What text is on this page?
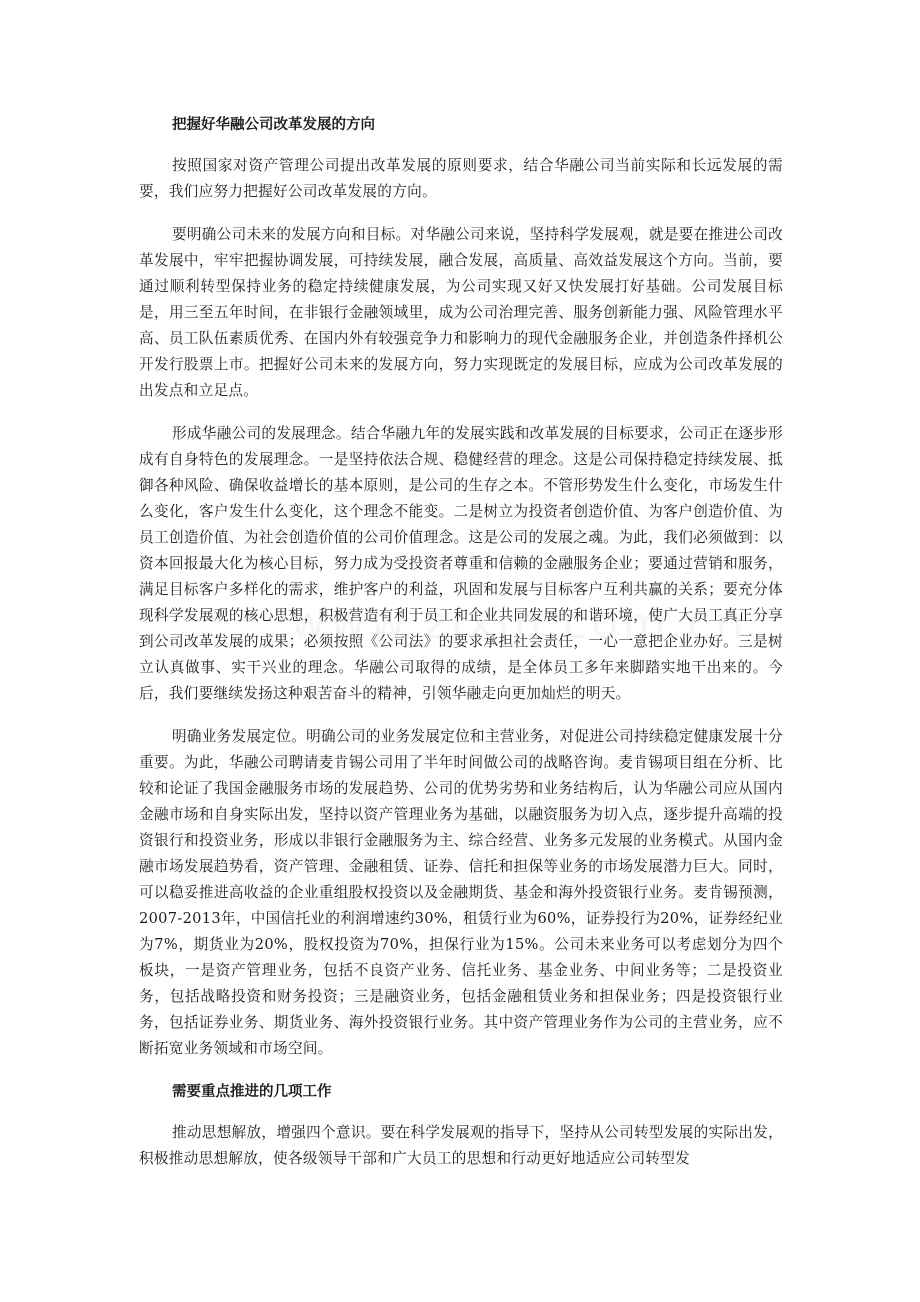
把握好华融公司改革发展的方向

按照国家对资产管理公司提出改革发展的原则要求，结合华融公司当前实际和长远发展的需要，我们应努力把握好公司改革发展的方向。

要明确公司未来的发展方向和目标。对华融公司来说，坚持科学发展观，就是要在推进公司改革发展中，牢牢把握协调发展，可持续发展，融合发展，高质量、高效益发展这个方向。当前，要通过顺利转型保持业务的稳定持续健康发展，为公司实现又好又快发展打好基础。公司发展目标是，用三至五年时间，在非银行金融领域里，成为公司治理完善、服务创新能力强、风险管理水平高、员工队伍素质优秀、在国内外有较强竞争力和影响力的现代金融服务企业，并创造条件择机公开发行股票上市。把握好公司未来的发展方向，努力实现既定的发展目标，应成为公司改革发展的出发点和立足点。

形成华融公司的发展理念。结合华融九年的发展实践和改革发展的目标要求，公司正在逐步形成有自身特色的发展理念。一是坚持依法合规、稳健经营的理念。这是公司保持稳定持续发展、抵御各种风险、确保收益增长的基本原则，是公司的生存之本。不管形势发生什么变化，市场发生什么变化，客户发生什么变化，这个理念不能变。二是树立为投资者创造价值、为客户创造价值、为员工创造价值、为社会创造价值的公司价值理念。这是公司的发展之魂。为此，我们必须做到：以资本回报最大化为核心目标，努力成为受投资者尊重和信赖的金融服务企业；要通过营销和服务，满足目标客户多样化的需求，维护客户的利益，巩固和发展与目标客户互利共赢的关系；要充分体现科学发展观的核心思想，积极营造有利于员工和企业共同发展的和谐环境，使广大员工真正分享到公司改革发展的成果；必须按照《公司法》的要求承担社会责任，一心一意把企业办好。三是树立认真做事、实干兴业的理念。华融公司取得的成绩，是全体员工多年来脚踏实地干出来的。今后，我们要继续发扬这种艰苦奋斗的精神，引领华融走向更加灿烂的明天。

明确业务发展定位。明确公司的业务发展定位和主营业务，对促进公司持续稳定健康发展十分重要。为此，华融公司聘请麦肯锡公司用了半年时间做公司的战略咨询。麦肯锡项目组在分析、比较和论证了我国金融服务市场的发展趋势、公司的优势劣势和业务结构后，认为华融公司应从国内金融市场和自身实际出发，坚持以资产管理业务为基础，以融资服务为切入点，逐步提升高端的投资银行和投资业务，形成以非银行金融服务为主、综合经营、业务多元发展的业务模式。从国内金融市场发展趋势看，资产管理、金融租赁、证券、信托和担保等业务的市场发展潜力巨大。同时，可以稳妥推进高收益的企业重组股权投资以及金融期货、基金和海外投资银行业务。麦肯锡预测，2007-2013年，中国信托业的利润增速约30%，租赁行业为60%，证券投行为20%，证券经纪业为7%，期货业为20%，股权投资为70%，担保行业为15%。公司未来业务可以考虑划分为四个板块，一是资产管理业务，包括不良资产业务、信托业务、基金业务、中间业务等；二是投资业务，包括战略投资和财务投资；三是融资业务，包括金融租赁业务和担保业务；四是投资银行业务，包括证券业务、期货业务、海外投资银行业务。其中资产管理业务作为公司的主营业务，应不断拓宽业务领域和市场空间。

需要重点推进的几项工作

推动思想解放，增强四个意识。要在科学发展观的指导下，坚持从公司转型发展的实际出发，积极推动思想解放，使各级领导干部和广大员工的思想和行动更好地适应公司转型发
